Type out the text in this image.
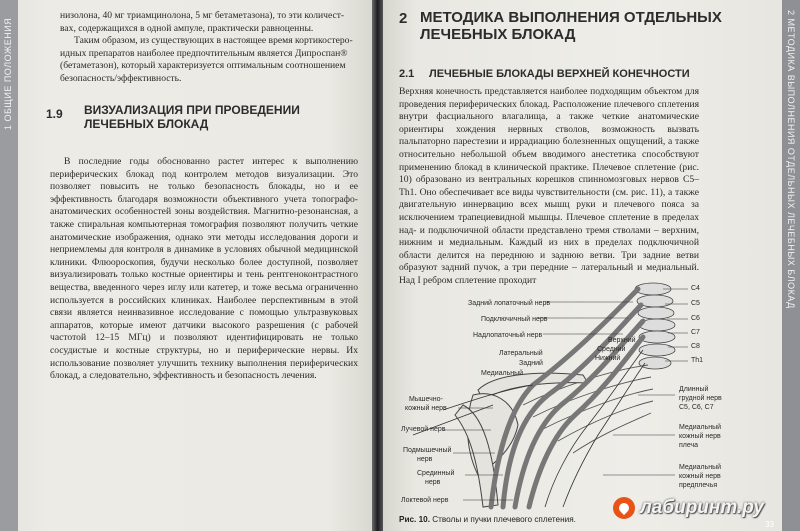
1 ОБЩИЕ ПОЛОЖЕНИЯ

низолона, 40 мг триамцинолона, 5 мг бетаметазона), то эти количест-

вах, содержащихся в одной ампуле, практически равноценны.

Таким образом, из существующих в настоящее время кортикостеро-

идных препаратов наиболее предпочтительным является Дипроспан®

(бетаметазон), который характеризуется оптимальным соотношением

безопасность/эффективность.

1.9 ВИЗУАЛИЗАЦИЯ ПРИ ПРОВЕДЕНИИ
ЛЕЧЕБНЫХ БЛОКАД

В последние годы обоснованно растет интерес к выполнению периферических блокад под контролем методов визуализации. Это позволяет повысить не только безопасность блокады, но и ее эффективность благодаря возможности объективного учета топографо-анатомических особенностей зоны воздействия. Магнитно-резонансная, а также спиральная компьютерная томография позволяют получить четкие анатомические изображения, однако эти методы исследования дороги и неприемлемы для контроля в динамике в условиях обычной медицинской клиники. Флюороскопия, будучи несколько более доступной, позволяет визуализировать только костные ориентиры и тень рентгеноконтрастного вещества, введенного через иглу или катетер, и тоже весьма ограниченно используется в российских клиниках. Наиболее перспективным в этой связи является неинвазивное исследование с помощью ультразвуковых аппаратов, которые имеют датчики высокого разрешения (с рабочей частотой 12–15 МГц) и позволяют идентифицировать не только сосудистые и костные структуры, но и периферические нервы. Их использование позволяет улучшить технику выполнения периферических блокад, а следовательно, эффективность и безопасность лечения.

2 МЕТОДИКА ВЫПОЛНЕНИЯ ОТДЕЛЬНЫХ ЛЕЧЕБНЫХ БЛОКАД
2 МЕТОДИКА ВЫПОЛНЕНИЯ ОТДЕЛЬНЫХ
ЛЕЧЕБНЫХ БЛОКАД
2.1 ЛЕЧЕБНЫЕ БЛОКАДЫ ВЕРХНЕЙ КОНЕЧНОСТИ

Верхняя конечность представляется наиболее подходящим объектом для проведения периферических блокад. Расположение плечевого сплетения внутри фасциального влагалища, а также четкие анатомические ориентиры хождения нервных стволов, возможность вызвать пальпаторно парестезии и иррадиацию болезненных ощущений, а также относительно небольшой объем вводимого анестетика способствуют применению блокад в клинической практике. Плечевое сплетение (рис. 10) образовано из вентральных корешков спинномозговых нервов C5–Th1. Оно обеспечивает все виды чувствительности (см. рис. 11), а также двигательную иннервацию всех мышц руки и плечевого пояса за исключением трапециевидной мышцы. Плечевое сплетение в пределах над- и подключичной области представлено тремя стволами – верхним, нижним и медиальным. Каждый из них в пределах подключичной области делится на переднюю и заднюю ветви. Три задние ветви образуют задний пучок, а три передние – латеральный и медиальный. Над I ребром сплетение проходит

Задний лопаточный нерв
Подключичный нерв
Надлопаточный нерв
Латеральный
Задний
Медиальный
Верхний
Средний
Нижний
Мышечно-
кожный нерв
Лучевой нерв
Подмышечный
нерв
Срединный
нерв
Локтевой нерв
C4
C5
C6
C7
C8
Th1
Длинный
грудной нерв
C5, C6, C7
Медиальный
кожный нерв
плеча
Медиальный
кожный нерв
предплечья
Рис. 10. Стволы и пучки плечевого сплетения.
лабиринт.ру
33
